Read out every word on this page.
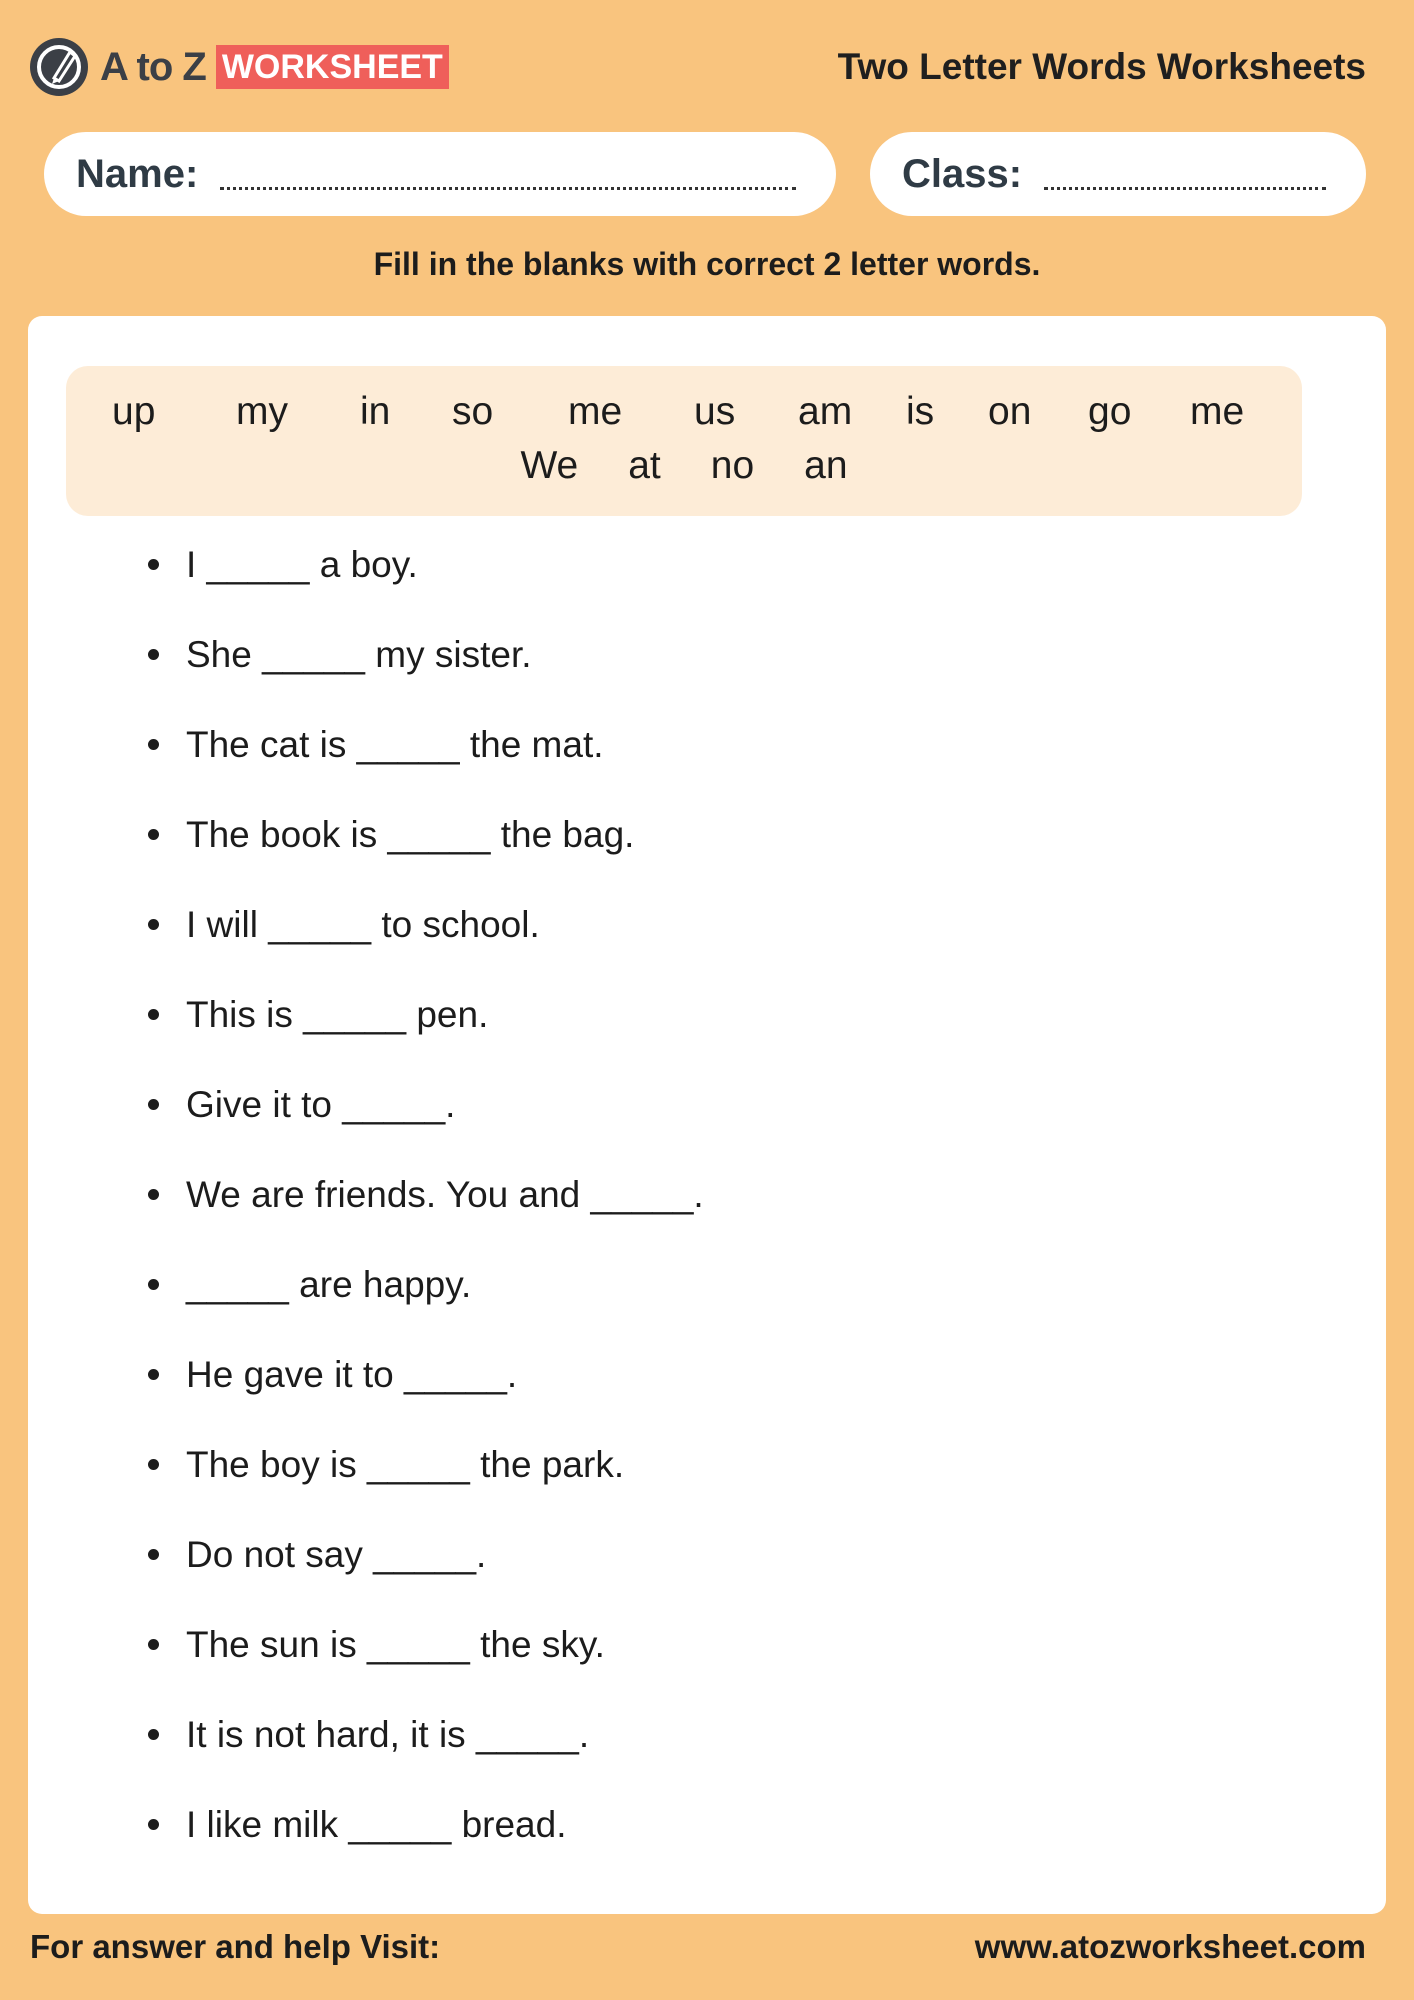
A to Z WORKSHEET	Two Letter Words Worksheets
Name:	Class:
Fill in the blanks with correct 2 letter words.
up my in so me us am is on go me
We at no an
I _____ a boy.
She _____ my sister.
The cat is _____ the mat.
The book is _____ the bag.
I will _____ to school.
This is _____ pen.
Give it to _____.
We are friends. You and _____.
_____ are happy.
He gave it to _____.
The boy is _____ the park.
Do not say _____.
The sun is _____ the sky.
It is not hard, it is _____.
I like milk _____ bread.
For answer and help Visit:	www.atozworksheet.com
